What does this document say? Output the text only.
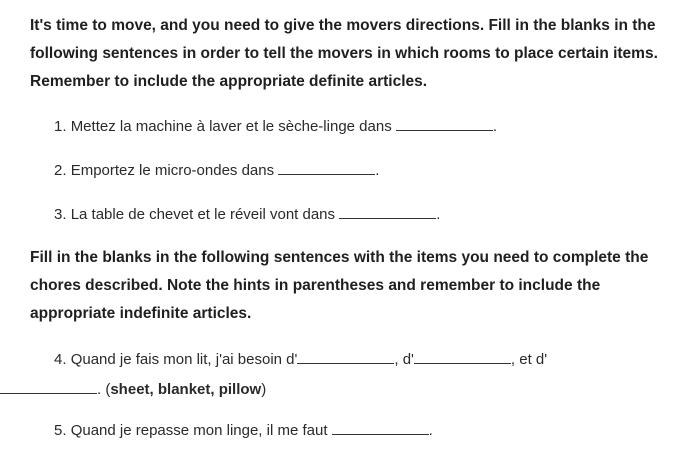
It's time to move, and you need to give the movers directions. Fill in the blanks in the following sentences in order to tell the movers in which rooms to place certain items. Remember to include the appropriate definite articles.

1. Mettez la machine à laver et le sèche-linge dans	.

2. Emportez le micro-ondes dans	.

3. La table de chevet et le réveil vont dans	.

Fill in the blanks in the following sentences with the items you need to complete the chores described. Note the hints in parentheses and remember to include the appropriate indefinite articles.

4. Quand je fais mon lit, j'ai besoin d'	, d'	, et d'
. (sheet, blanket, pillow)

5. Quand je repasse mon linge, il me faut	.
